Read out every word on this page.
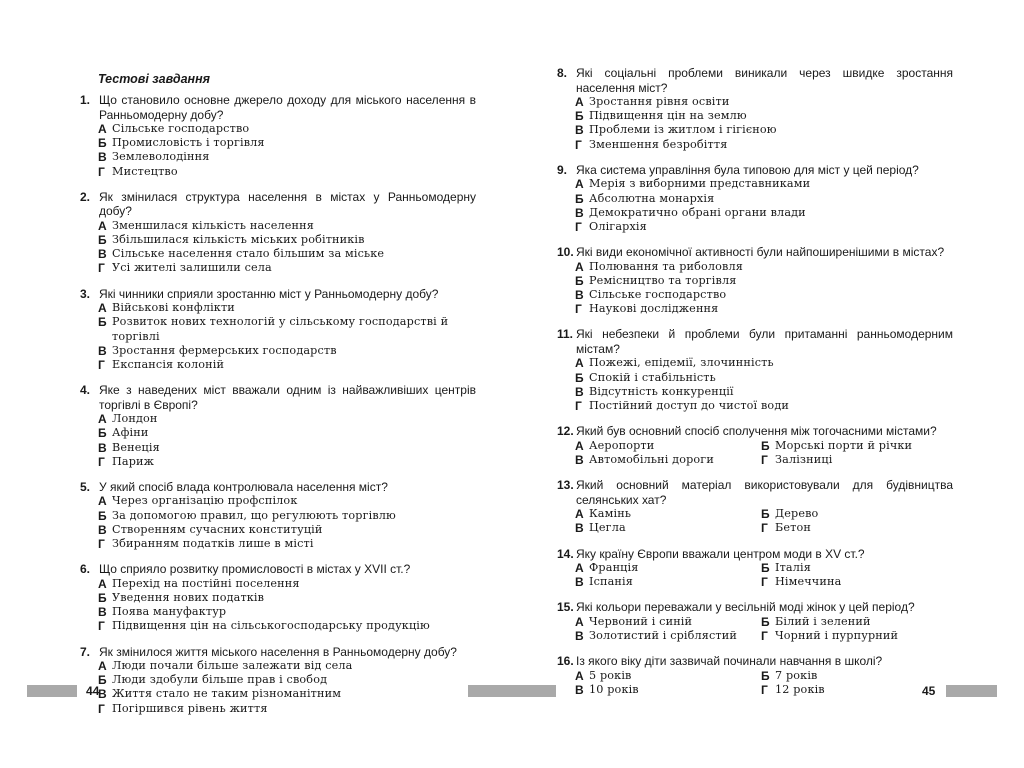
Тестові завдання
1. Що становило основне джерело доходу для міського населення в Ранньомодерну добу?
А Сільське господарство
Б Промисловість і торгівля
В Землеволодіння
Г Мистецтво
2. Як змінилася структура населення в містах у Ранньомодерну добу?
А Зменшилася кількість населення
Б Збільшилася кількість міських робітників
В Сільське населення стало більшим за міське
Г Усі жителі залишили села
3. Які чинники сприяли зростанню міст у Ранньомодерну добу?
А Військові конфлікти
Б Розвиток нових технологій у сільському господарстві й торгівлі
В Зростання фермерських господарств
Г Експансія колоній
4. Яке з наведених міст вважали одним із найважливіших центрів торгівлі в Європі?
А Лондон
Б Афіни
В Венеція
Г Париж
5. У який спосіб влада контролювала населення міст?
А Через організацію профспілок
Б За допомогою правил, що регулюють торгівлю
В Створенням сучасних конституцій
Г Збиранням податків лише в місті
6. Що сприяло розвитку промисловості в містах у XVII ст.?
А Перехід на постійні поселення
Б Уведення нових податків
В Поява мануфактур
Г Підвищення цін на сільськогосподарську продукцію
7. Як змінилося життя міського населення в Ранньомодерну добу?
А Люди почали більше залежати від села
Б Люди здобули більше прав і свобод
В Життя стало не таким різноманітним
Г Погіршився рівень життя
8. Які соціальні проблеми виникали через швидке зростання населення міст?
А Зростання рівня освіти
Б Підвищення цін на землю
В Проблеми із житлом і гігієною
Г Зменшення безробіття
9. Яка система управління була типовою для міст у цей період?
А Мерія з виборними представниками
Б Абсолютна монархія
В Демократично обрані органи влади
Г Олігархія
10. Які види економічної активності були найпоширенішими в містах?
А Полювання та риболовля
Б Ремісництво та торгівля
В Сільське господарство
Г Наукові дослідження
11. Які небезпеки й проблеми були притаманні ранньомодерним містам?
А Пожежі, епідемії, злочинність
Б Спокій і стабільність
В Відсутність конкуренції
Г Постійний доступ до чистої води
12. Який був основний спосіб сполучення між тогочасними містами?
А Аеропорти	Б Морські порти й річки
В Автомобільні дороги	Г Залізниці
13. Який основний матеріал використовували для будівництва селянських хат?
А Камінь	Б Дерево
В Цегла	Г Бетон
14. Яку країну Європи вважали центром моди в XV ст.?
А Франція	Б Італія
В Іспанія	Г Німеччина
15. Які кольори переважали у весільній моді жінок у цей період?
А Червоний і синій	Б Білий і зелений
В Золотистий і сріблястий Г Чорний і пурпурний
16. Із якого віку діти зазвичай починали навчання в школі?
А 5 років	Б 7 років
В 10 років	Г 12 років
44	45
